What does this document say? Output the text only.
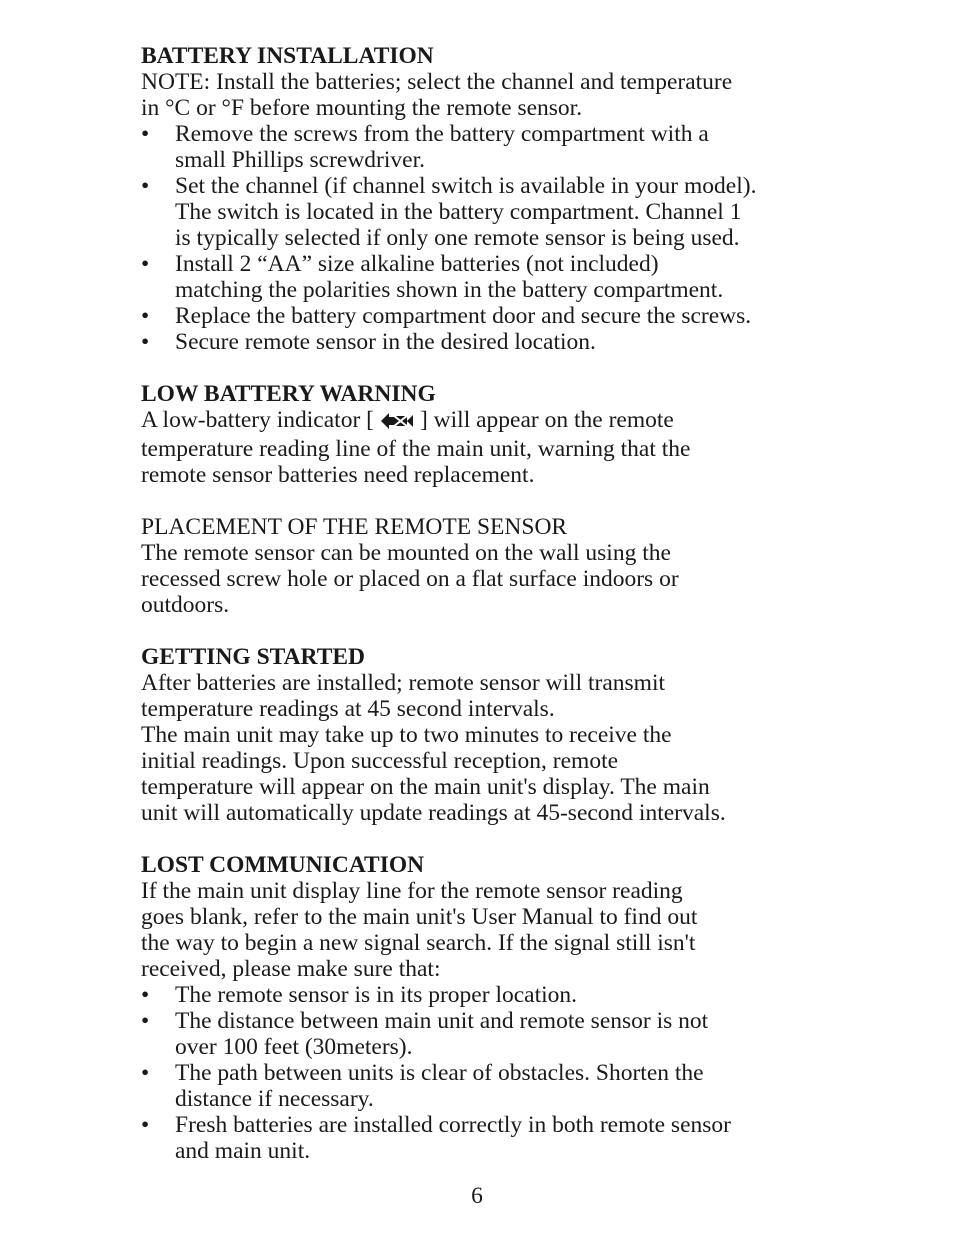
BATTERY INSTALLATION

NOTE: Install the batteries; select the channel and temperature
in °C or °F before mounting the remote sensor.

• Remove the screws from the battery compartment with a
small Phillips screwdriver.
• Set the channel (if channel switch is available in your model).
The switch is located in the battery compartment. Channel 1
is typically selected if only one remote sensor is being used.
• Install 2 “AA” size alkaline batteries (not included)
matching the polarities shown in the battery compartment.
• Replace the battery compartment door and secure the screws.
• Secure remote sensor in the desired location.
LOW BATTERY WARNING

A low-battery indicator [ ] will appear on the remote
temperature reading line of the main unit, warning that the
remote sensor batteries need replacement.

PLACEMENT OF THE REMOTE SENSOR

The remote sensor can be mounted on the wall using the
recessed screw hole or placed on a flat surface indoors or
outdoors.

GETTING STARTED

After batteries are installed; remote sensor will transmit
temperature readings at 45 second intervals.
The main unit may take up to two minutes to receive the
initial readings. Upon successful reception, remote
temperature will appear on the main unit's display. The main
unit will automatically update readings at 45-second intervals.

LOST COMMUNICATION

If the main unit display line for the remote sensor reading
goes blank, refer to the main unit's User Manual to find out
the way to begin a new signal search. If the signal still isn't
received, please make sure that:

• The remote sensor is in its proper location.
• The distance between main unit and remote sensor is not
over 100 feet (30meters).
• The path between units is clear of obstacles. Shorten the
distance if necessary.
• Fresh batteries are installed correctly in both remote sensor
and main unit.
6
